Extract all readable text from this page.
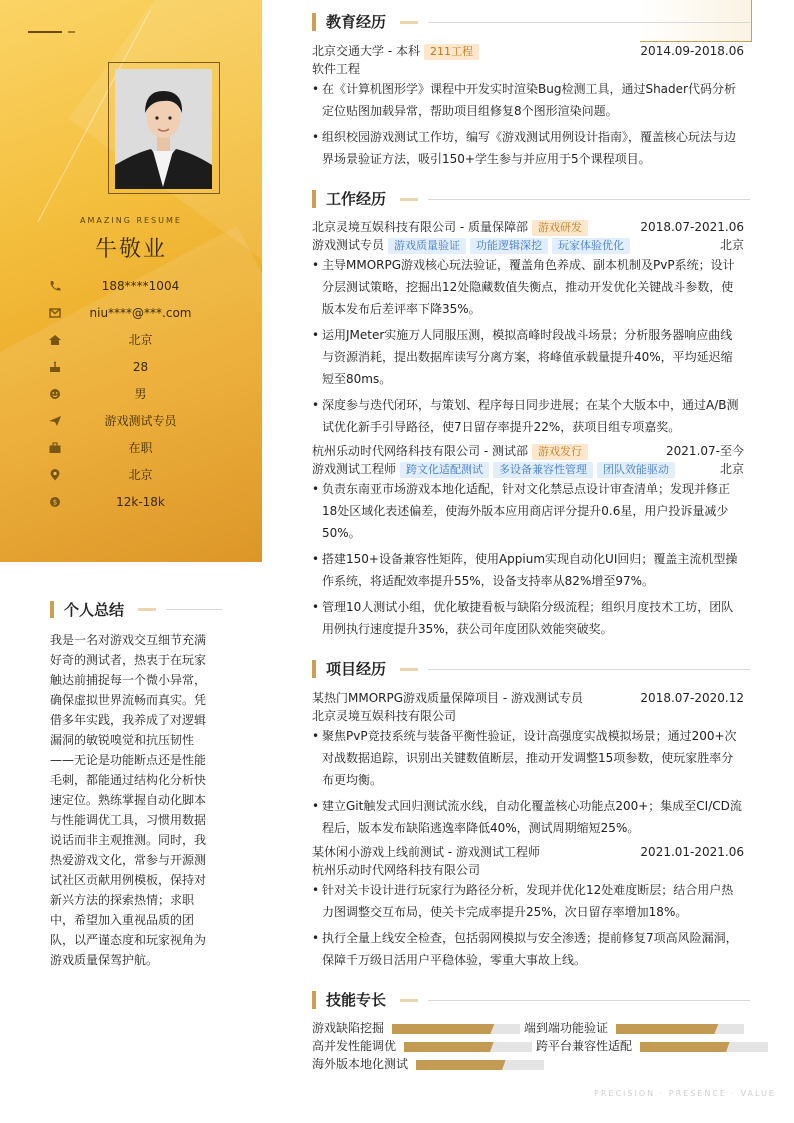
AMAZING RESUME
牛敬业
188****1004
niu****@***.com
北京
28
男
游戏测试专员
在职
北京
$	12k-18k
个人总结
我是一名对游戏交互细节充满好奇的测试者，热衷于在玩家触达前捕捉每一个微小异常，确保虚拟世界流畅而真实。凭借多年实践，我养成了对逻辑漏洞的敏锐嗅觉和抗压韧性——无论是功能断点还是性能毛刺，都能通过结构化分析快速定位。熟练掌握自动化脚本与性能调优工具，习惯用数据说话而非主观推测。同时，我热爱游戏文化，常参与开源测试社区贡献用例模板，保持对新兴方法的探索热情；求职中，希望加入重视品质的团队，以严谨态度和玩家视角为游戏质量保驾护航。
教育经历
北京交通大学 - 本科 211工程	2014.09-2018.06
软件工程
• 在《计算机图形学》课程中开发实时渲染Bug检测工具，通过Shader代码分析定位贴图加载异常，帮助项目组修复8个图形渲染问题。
• 组织校园游戏测试工作坊，编写《游戏测试用例设计指南》，覆盖核心玩法与边界场景验证方法，吸引150+学生参与并应用于5个课程项目。
工作经历
北京灵境互娱科技有限公司 - 质量保障部 游戏研发	2018.07-2021.06
游戏测试专员 游戏质量验证 功能逻辑深挖 玩家体验优化	北京
• 主导MMORPG游戏核心玩法验证，覆盖角色养成、副本机制及PvP系统；设计分层测试策略，挖掘出12处隐藏数值失衡点，推动开发优化关键战斗参数，使版本发布后差评率下降35%。
• 运用JMeter实施万人同服压测，模拟高峰时段战斗场景；分析服务器响应曲线与资源消耗，提出数据库读写分离方案，将峰值承载量提升40%，平均延迟缩短至80ms。
• 深度参与迭代闭环，与策划、程序每日同步进展；在某个大版本中，通过A/B测试优化新手引导路径，使7日留存率提升22%，获项目组专项嘉奖。
杭州乐动时代网络科技有限公司 - 测试部 游戏发行	2021.07-至今
游戏测试工程师 跨文化适配测试 多设备兼容性管理 团队效能驱动	北京
• 负责东南亚市场游戏本地化适配，针对文化禁忌点设计审查清单；发现并修正18处区域化表述偏差，使海外版本应用商店评分提升0.6星，用户投诉量减少50%。
• 搭建150+设备兼容性矩阵，使用Appium实现自动化UI回归；覆盖主流机型操作系统，将适配效率提升55%，设备支持率从82%增至97%。
• 管理10人测试小组，优化敏捷看板与缺陷分级流程；组织月度技术工坊，团队用例执行速度提升35%，获公司年度团队效能突破奖。
项目经历
某热门MMORPG游戏质量保障项目 - 游戏测试专员	2018.07-2020.12
北京灵境互娱科技有限公司
• 聚焦PvP竞技系统与装备平衡性验证，设计高强度实战模拟场景；通过200+次对战数据追踪，识别出关键数值断层，推动开发调整15项参数，使玩家胜率分布更均衡。
• 建立Git触发式回归测试流水线，自动化覆盖核心功能点200+；集成至CI/CD流程后，版本发布缺陷逃逸率降低40%，测试周期缩短25%。
某休闲小游戏上线前测试 - 游戏测试工程师	2021.01-2021.06
杭州乐动时代网络科技有限公司
• 针对关卡设计进行玩家行为路径分析，发现并优化12处难度断层；结合用户热力图调整交互布局，使关卡完成率提升25%，次日留存率增加18%。
• 执行全量上线安全检查，包括弱网模拟与安全渗透；提前修复7项高风险漏洞，保障千万级日活用户平稳体验，零重大事故上线。
技能专长
游戏缺陷挖掘	端到端功能验证
高并发性能调优	跨平台兼容性适配
海外版本地化测试
PRECISION · PRESENCE · VALUE
